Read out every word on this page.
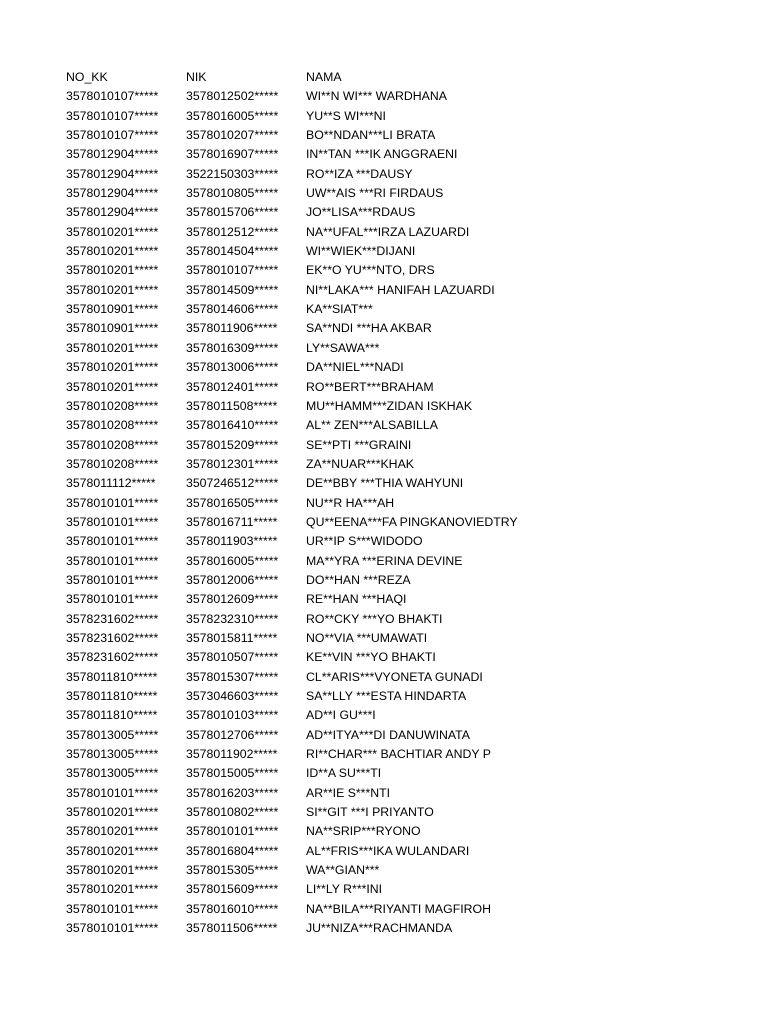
NO_KK	NIK	NAMA
3578010107*****	3578012502*****	WI**N WI*** WARDHANA
3578010107*****	3578016005*****	YU**S WI***NI
3578010107*****	3578010207*****	BO**NDAN***LI BRATA
3578012904*****	3578016907*****	IN**TAN ***IK ANGGRAENI
3578012904*****	3522150303*****	RO**IZA ***DAUSY
3578012904*****	3578010805*****	UW**AIS ***RI FIRDAUS
3578012904*****	3578015706*****	JO**LISA***RDAUS
3578010201*****	3578012512*****	NA**UFAL***IRZA LAZUARDI
3578010201*****	3578014504*****	WI**WIEK***DIJANI
3578010201*****	3578010107*****	EK**O YU***NTO, DRS
3578010201*****	3578014509*****	NI**LAKA*** HANIFAH LAZUARDI
3578010901*****	3578014606*****	KA**SIAT***
3578010901*****	3578011906*****	SA**NDI ***HA AKBAR
3578010201*****	3578016309*****	LY**SAWA***
3578010201*****	3578013006*****	DA**NIEL***NADI
3578010201*****	3578012401*****	RO**BERT***BRAHAM
3578010208*****	3578011508*****	MU**HAMM***ZIDAN ISKHAK
3578010208*****	3578016410*****	AL** ZEN***ALSABILLA
3578010208*****	3578015209*****	SE**PTI ***GRAINI
3578010208*****	3578012301*****	ZA**NUAR***KHAK
3578011112*****	3507246512*****	DE**BBY ***THIA WAHYUNI
3578010101*****	3578016505*****	NU**R HA***AH
3578010101*****	3578016711*****	QU**EENA***FA PINGKANOVIEDTRY
3578010101*****	3578011903*****	UR**IP S***WIDODO
3578010101*****	3578016005*****	MA**YRA ***ERINA DEVINE
3578010101*****	3578012006*****	DO**HAN ***REZA
3578010101*****	3578012609*****	RE**HAN ***HAQI
3578231602*****	3578232310*****	RO**CKY ***YO BHAKTI
3578231602*****	3578015811*****	NO**VIA ***UMAWATI
3578231602*****	3578010507*****	KE**VIN ***YO BHAKTI
3578011810*****	3578015307*****	CL**ARIS***VYONETA GUNADI
3578011810*****	3573046603*****	SA**LLY ***ESTA HINDARTA
3578011810*****	3578010103*****	AD**I GU***I
3578013005*****	3578012706*****	AD**ITYA***DI DANUWINATA
3578013005*****	3578011902*****	RI**CHAR*** BACHTIAR ANDY P
3578013005*****	3578015005*****	ID**A SU***TI
3578010101*****	3578016203*****	AR**IE S***NTI
3578010201*****	3578010802*****	SI**GIT ***I PRIYANTO
3578010201*****	3578010101*****	NA**SRIP***RYONO
3578010201*****	3578016804*****	AL**FRIS***IKA WULANDARI
3578010201*****	3578015305*****	WA**GIAN***
3578010201*****	3578015609*****	LI**LY R***INI
3578010101*****	3578016010*****	NA**BILA***RIYANTI MAGFIROH
3578010101*****	3578011506*****	JU**NIZA***RACHMANDA
